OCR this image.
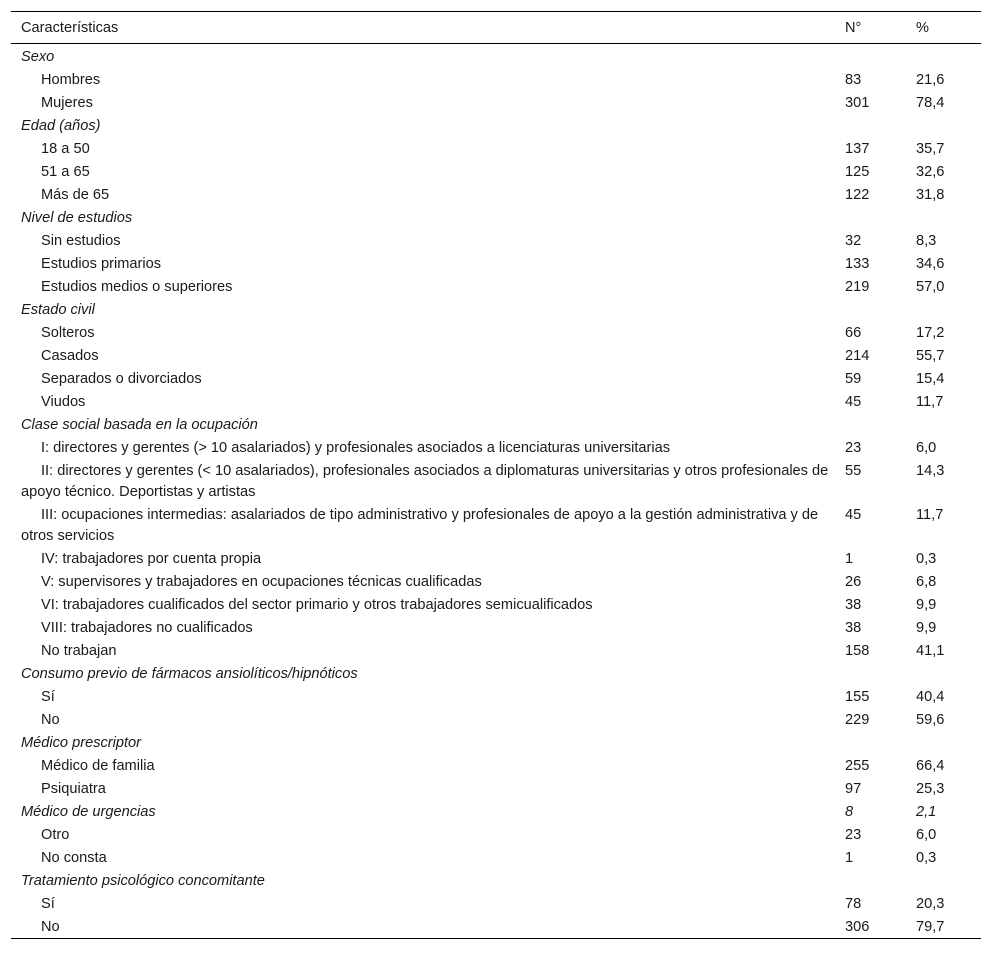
Características	N°	%
Sexo		
Hombres	83	21,6
Mujeres	301	78,4
Edad (años)		
18 a 50	137	35,7
51 a 65	125	32,6
Más de 65	122	31,8
Nivel de estudios		
Sin estudios	32	8,3
Estudios primarios	133	34,6
Estudios medios o superiores	219	57,0
Estado civil		
Solteros	66	17,2
Casados	214	55,7
Separados o divorciados	59	15,4
Viudos	45	11,7
Clase social basada en la ocupación		
I: directores y gerentes (> 10 asalariados) y profesionales asociados a licenciaturas universitarias	23	6,0
II: directores y gerentes (< 10 asalariados), profesionales asociados a diplomaturas universitarias y otros profesionales de apoyo técnico. Deportistas y artistas	55	14,3
III: ocupaciones intermedias: asalariados de tipo administrativo y profesionales de apoyo a la gestión administrativa y de otros servicios	45	11,7
IV: trabajadores por cuenta propia	1	0,3
V: supervisores y trabajadores en ocupaciones técnicas cualificadas	26	6,8
VI: trabajadores cualificados del sector primario y otros trabajadores semicualificados	38	9,9
VIII: trabajadores no cualificados	38	9,9
No trabajan	158	41,1
Consumo previo de fármacos ansiolíticos/hipnóticos		
Sí	155	40,4
No	229	59,6
Médico prescriptor		
Médico de familia	255	66,4
Psiquiatra	97	25,3
Médico de urgencias	8	2,1
Otro	23	6,0
No consta	1	0,3
Tratamiento psicológico concomitante		
Sí	78	20,3
No	306	79,7
